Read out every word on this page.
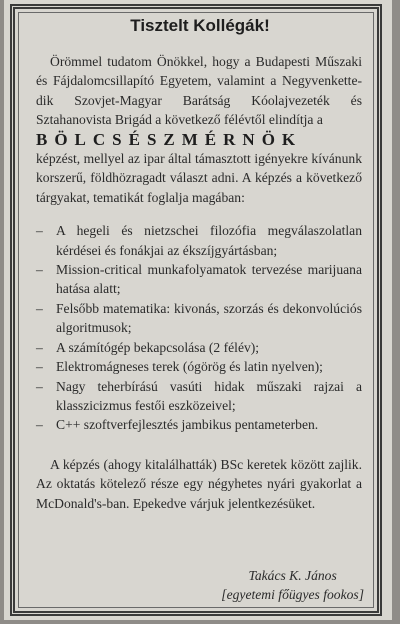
Tisztelt Kollégák!

Örömmel tudatom Önökkel, hogy a Budapesti Műszaki és Fájdalomcsillapító Egyetem, valamint a Negyvenkette-dik Szovjet-Magyar Barátság Kóolajvezeték és Sztahanovista Brigád a következő félévtől elindítja a

BÖLCSÉSZMÉRNÖK

képzést, mellyel az ipar által támasztott igényekre kívánunk korszerű, földhözragadt választ adni. A képzés a következő tárgyakat, tematikát foglalja magában:

– A hegeli és nietzschei filozófia megválaszolatlan kérdései és fonákjai az ékszíjgyártásban;
– Mission-critical munkafolyamatok tervezése marijuana hatása alatt;
– Felsőbb matematika: kivonás, szorzás és dekonvolúciós algoritmusok;
– A számítógép bekapcsolása (2 félév);
– Elektromágneses terek (ógörög és latin nyelven);
– Nagy teherbírású vasúti hidak műszaki rajzai a klasszicizmus festői eszközeivel;
– C++ szoftverfejlesztés jambikus pentameterben.

A képzés (ahogy kitalálhatták) BSc keretek között zajlik. Az oktatás kötelező része egy négyhetes nyári gyakorlat a McDonald's-ban. Epekedve várjuk jelentkezésüket.

Takács K. János
[egyetemi főügyes fookos]
